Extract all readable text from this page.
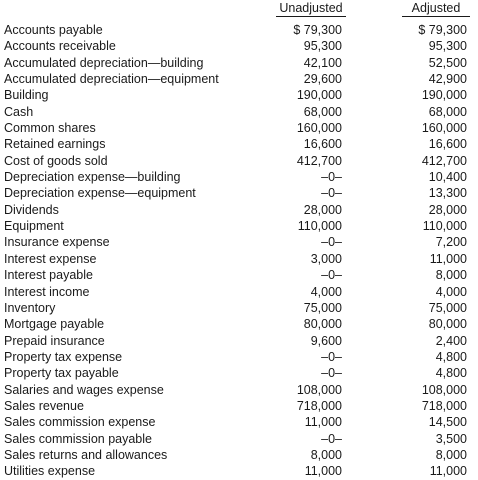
Unadjusted	Adjusted
Accounts payable	$ 79,300	$ 79,300
Accounts receivable	95,300	95,300
Accumulated depreciation—building	42,100	52,500
Accumulated depreciation—equipment	29,600	42,900
Building	190,000	190,000
Cash	68,000	68,000
Common shares	160,000	160,000
Retained earnings	16,600	16,600
Cost of goods sold	412,700	412,700
Depreciation expense—building	–0–	10,400
Depreciation expense—equipment	–0–	13,300
Dividends	28,000	28,000
Equipment	110,000	110,000
Insurance expense	–0–	7,200
Interest expense	3,000	11,000
Interest payable	–0–	8,000
Interest income	4,000	4,000
Inventory	75,000	75,000
Mortgage payable	80,000	80,000
Prepaid insurance	9,600	2,400
Property tax expense	–0–	4,800
Property tax payable	–0–	4,800
Salaries and wages expense	108,000	108,000
Sales revenue	718,000	718,000
Sales commission expense	11,000	14,500
Sales commission payable	–0–	3,500
Sales returns and allowances	8,000	8,000
Utilities expense	11,000	11,000
